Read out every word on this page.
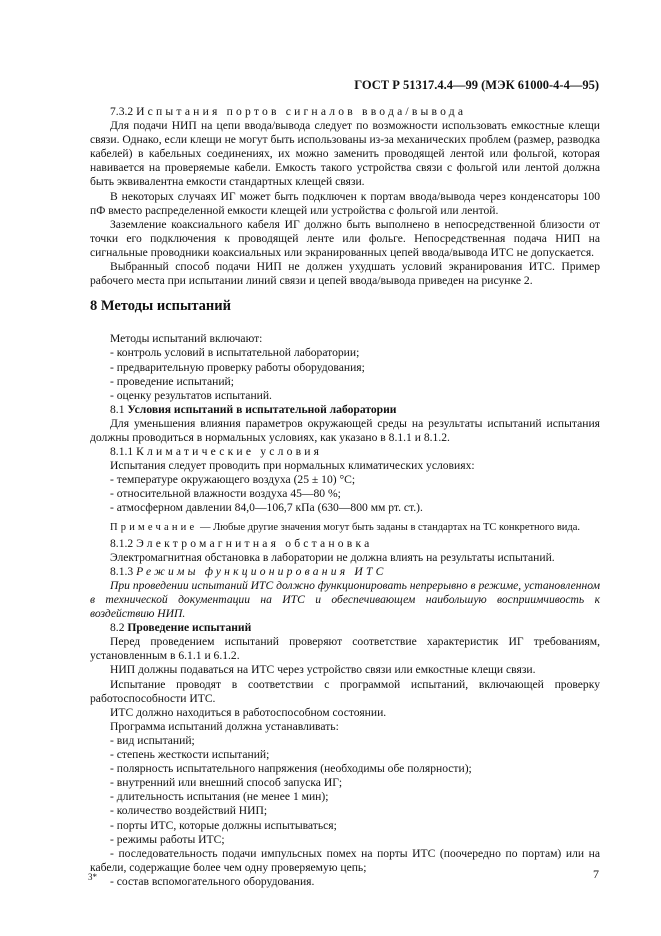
ГОСТ Р 51317.4.4—99 (МЭК 61000-4-4—95)

7.3.2 Испытания портов сигналов ввода/вывода

Для подачи НИП на цепи ввода/вывода следует по возможности использовать емкостные клещи связи. Однако, если клещи не могут быть использованы из-за механических проблем (размер, разводка кабелей) в кабельных соединениях, их можно заменить проводящей лентой или фольгой, которая навивается на проверяемые кабели. Емкость такого устройства связи с фольгой или лентой должна быть эквивалентна емкости стандартных клещей связи.

В некоторых случаях ИГ может быть подключен к портам ввода/вывода через конденсаторы 100 пФ вместо распределенной емкости клещей или устройства с фольгой или лентой.

Заземление коаксиального кабеля ИГ должно быть выполнено в непосредственной близости от точки его подключения к проводящей ленте или фольге. Непосредственная подача НИП на сигнальные проводники коаксиальных или экранированных цепей ввода/вывода ИТС не допускается.

Выбранный способ подачи НИП не должен ухудшать условий экранирования ИТС. Пример рабочего места при испытании линий связи и цепей ввода/вывода приведен на рисунке 2.

8 Методы испытаний

Методы испытаний включают:

- контроль условий в испытательной лаборатории;

- предварительную проверку работы оборудования;

- проведение испытаний;

- оценку результатов испытаний.

8.1 Условия испытаний в испытательной лаборатории

Для уменьшения влияния параметров окружающей среды на результаты испытаний испытания должны проводиться в нормальных условиях, как указано в 8.1.1 и 8.1.2.

8.1.1 Климатические условия

Испытания следует проводить при нормальных климатических условиях:

- температуре окружающего воздуха (25 ± 10) °С;

- относительной влажности воздуха 45—80 %;

- атмосферном давлении 84,0—106,7 кПа (630—800 мм рт. ст.).

Примечание — Любые другие значения могут быть заданы в стандартах на ТС конкретного вида.

8.1.2 Электромагнитная обстановка

Электромагнитная обстановка в лаборатории не должна влиять на результаты испытаний.

8.1.3 Режимы функционирования ИТС

При проведении испытаний ИТС должно функционировать непрерывно в режиме, установленном в технической документации на ИТС и обеспечивающем наибольшую восприимчивость к воздействию НИП.

8.2 Проведение испытаний

Перед проведением испытаний проверяют соответствие характеристик ИГ требованиям, установленным в 6.1.1 и 6.1.2.

НИП должны подаваться на ИТС через устройство связи или емкостные клещи связи.

Испытание проводят в соответствии с программой испытаний, включающей проверку работоспособности ИТС.

ИТС должно находиться в работоспособном состоянии.

Программа испытаний должна устанавливать:

- вид испытаний;

- степень жесткости испытаний;

- полярность испытательного напряжения (необходимы обе полярности);

- внутренний или внешний способ запуска ИГ;

- длительность испытания (не менее 1 мин);

- количество воздействий НИП;

- порты ИТС, которые должны испытываться;

- режимы работы ИТС;

- последовательность подачи импульсных помех на порты ИТС (поочередно по портам) или на кабели, содержащие более чем одну проверяемую цепь;

- состав вспомогательного оборудования.

3*	7
